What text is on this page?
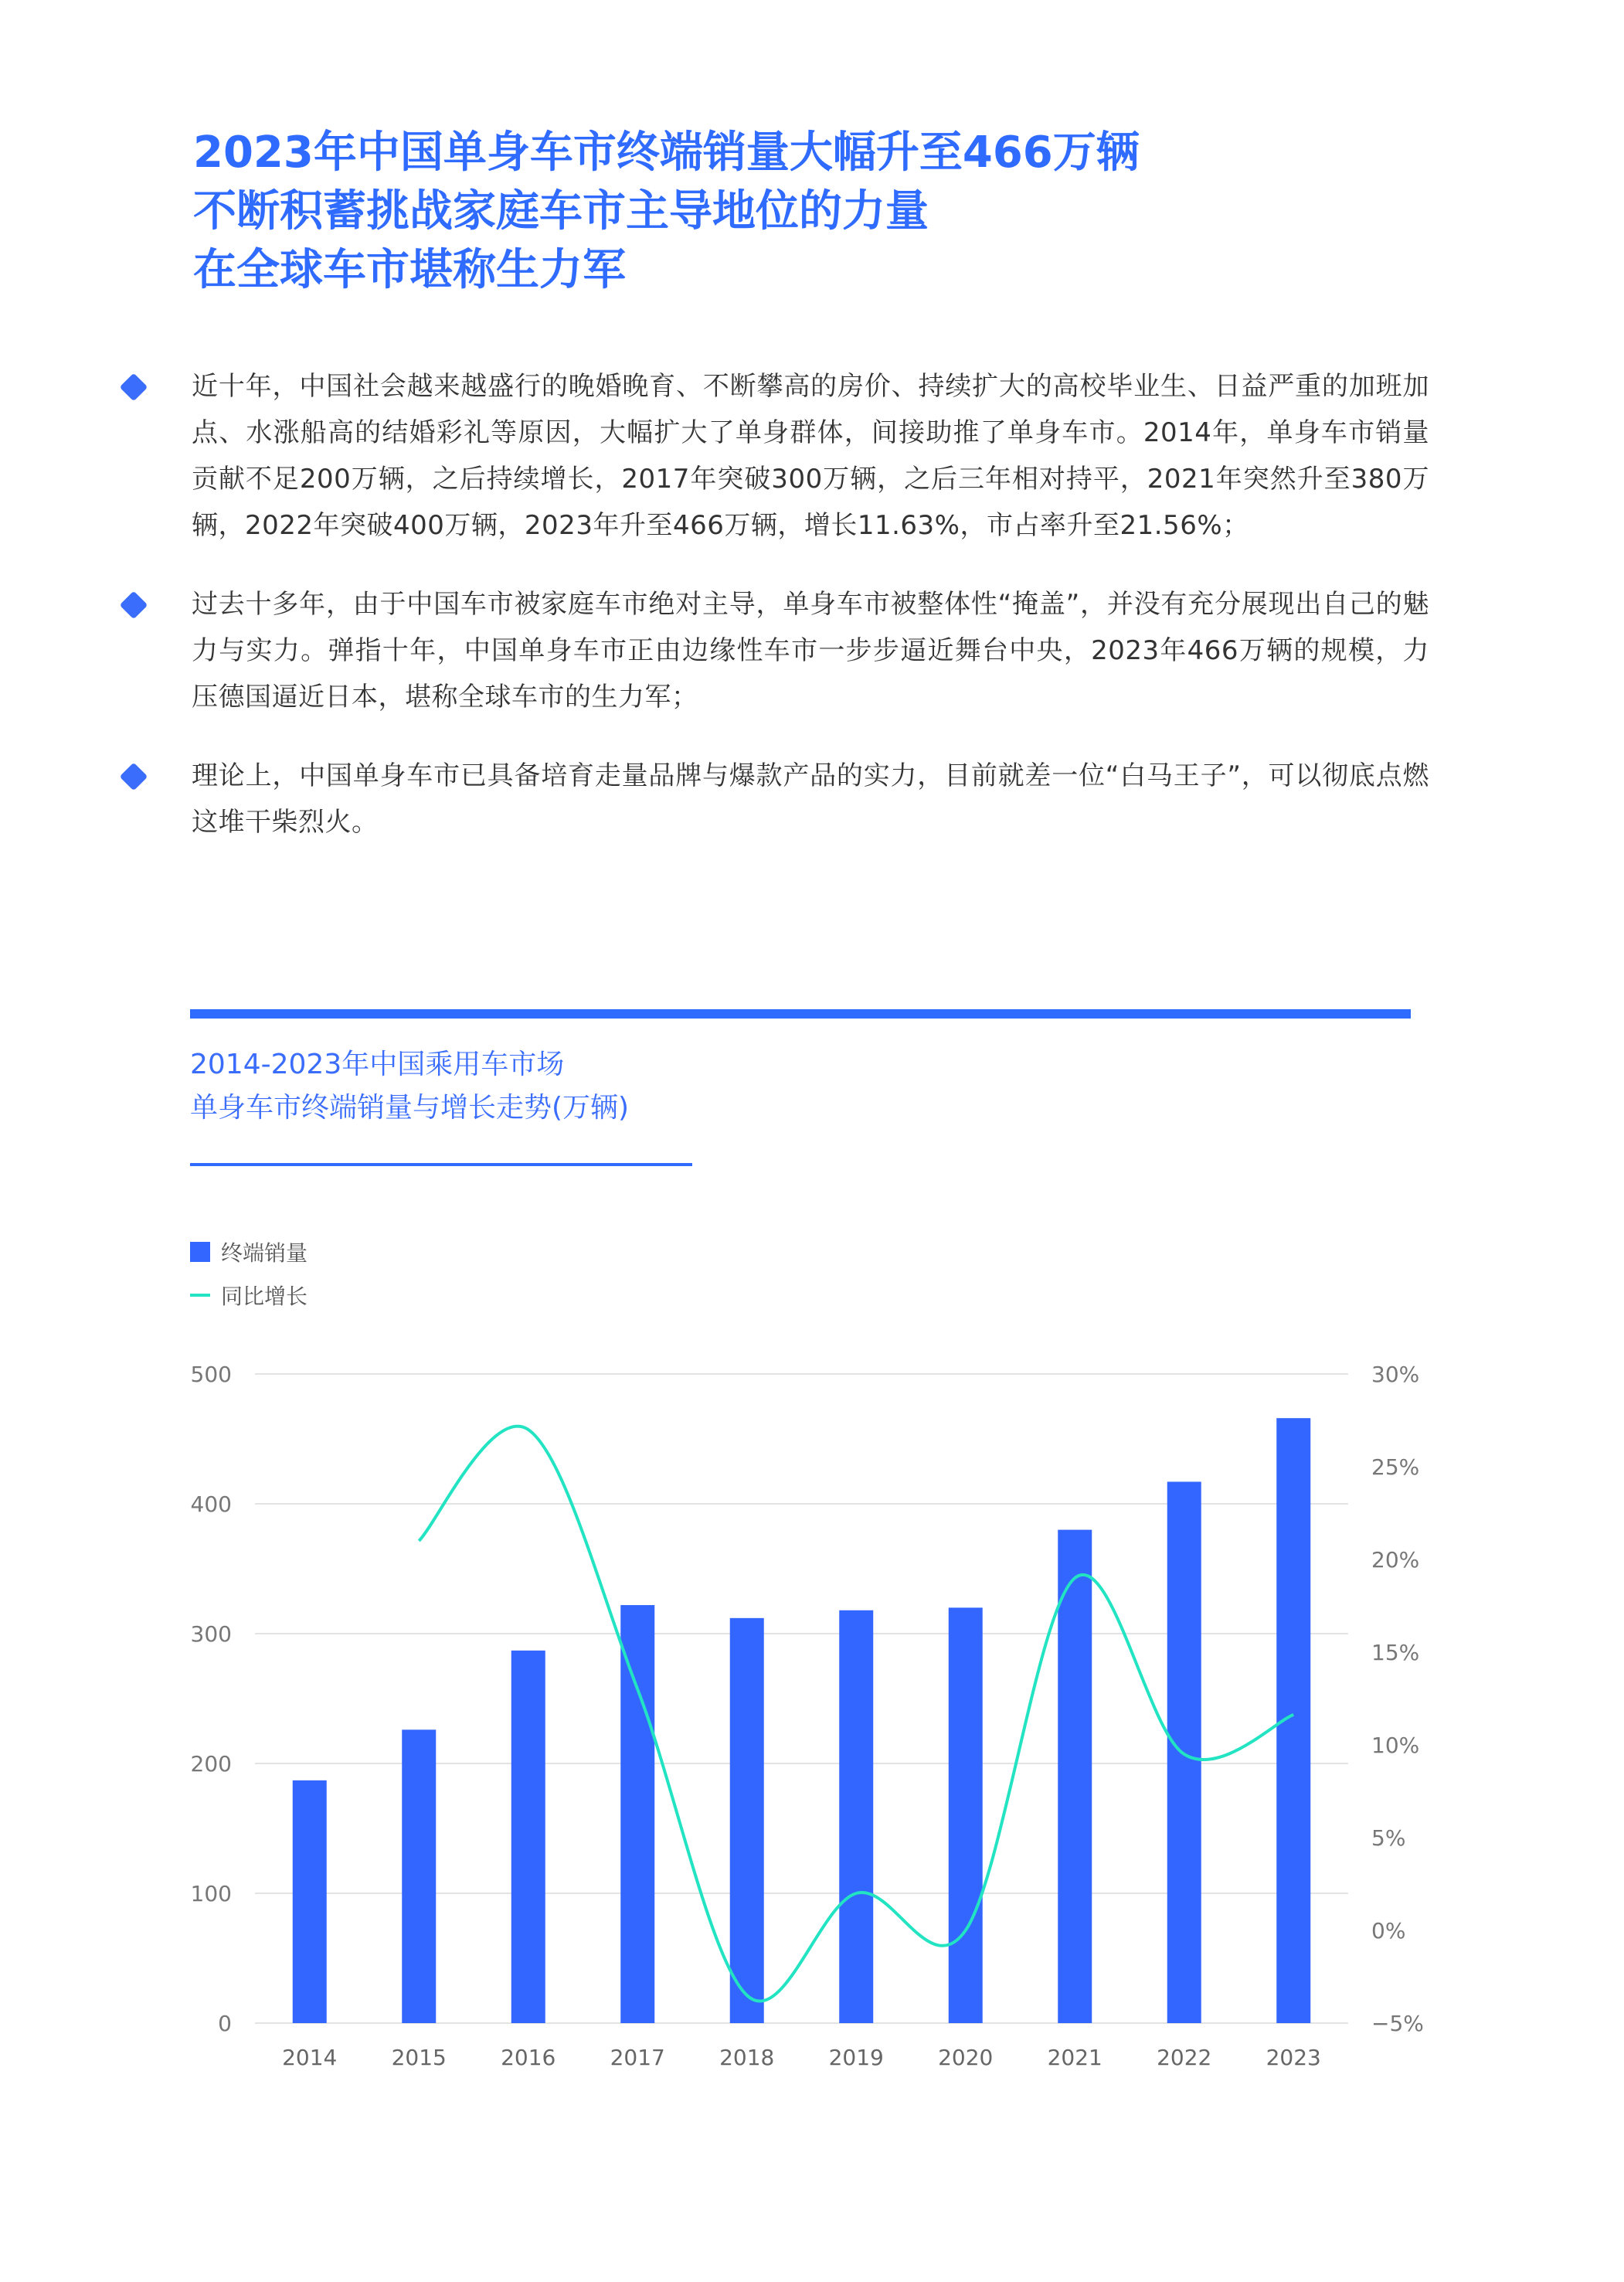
2023年中国单身车市终端销量大幅升至466万辆
不断积蓄挑战家庭车市主导地位的力量
在全球车市堪称生力军

近十年，中国社会越来越盛行的晚婚晚育、不断攀高的房价、持续扩大的高校毕业生、日益严重的加班加点、水涨船高的结婚彩礼等原因，大幅扩大了单身群体，间接助推了单身车市。2014年，单身车市销量贡献不足200万辆，之后持续增长，2017年突破300万辆，之后三年相对持平，2021年突然升至380万辆，2022年突破400万辆，2023年升至466万辆，增长11.63%，市占率升至21.56%；

过去十多年，由于中国车市被家庭车市绝对主导，单身车市被整体性“掩盖”，并没有充分展现出自己的魅力与实力。弹指十年，中国单身车市正由边缘性车市一步步逼近舞台中央，2023年466万辆的规模，力压德国逼近日本，堪称全球车市的生力军；

理论上，中国单身车市已具备培育走量品牌与爆款产品的实力，目前就差一位“白马王子”，可以彻底点燃这堆干柴烈火。

2014-2023年中国乘用车市场
单身车市终端销量与增长走势(万辆)
终端销量
同比增长
0
100
200
300
400
500
−5%
0%
5%
10%
15%
20%
25%
30%
2014	2015	2016	2017	2018	2019	2020	2021	2022	2023
